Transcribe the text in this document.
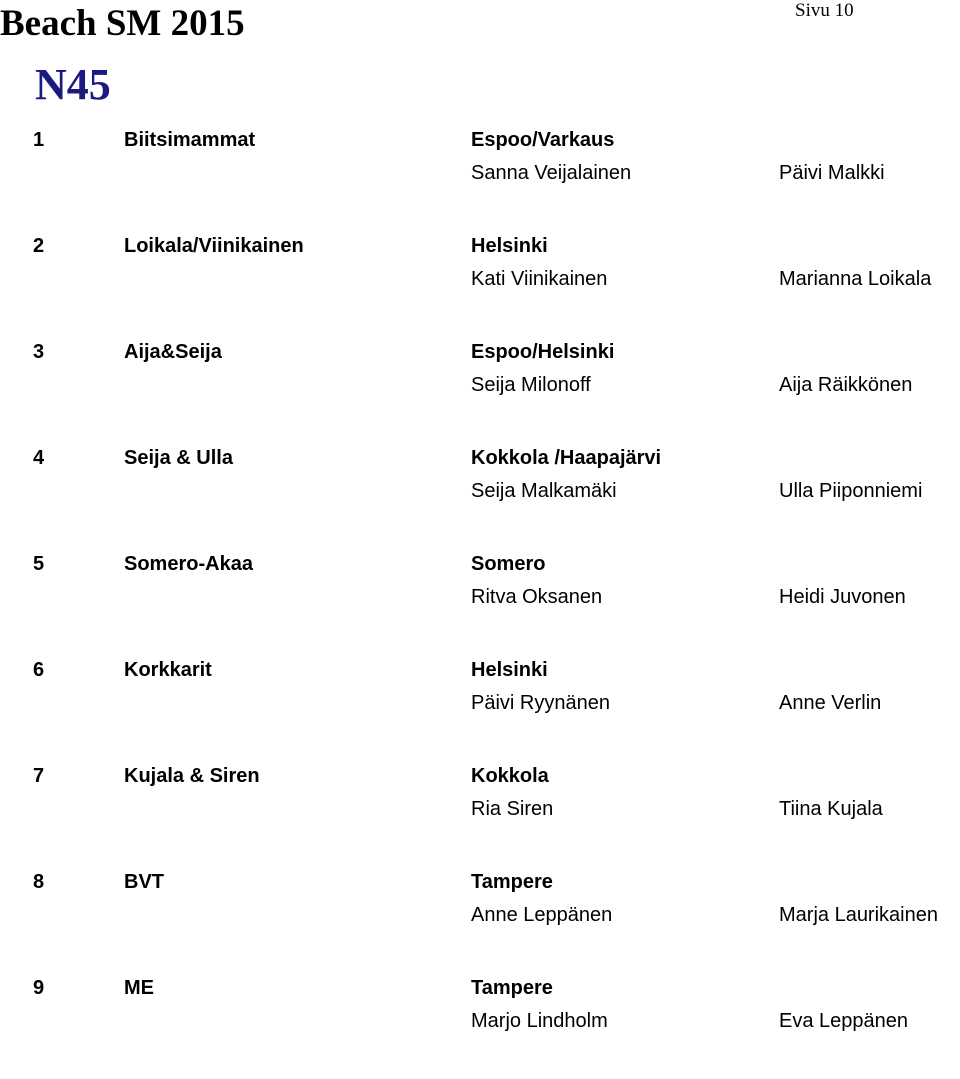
Beach SM 2015	Sivu 10
N45
1	Biitsimammat	Espoo/Varkaus
Sanna Veijalainen	Päivi Malkki
2	Loikala/Viinikainen	Helsinki
Kati Viinikainen	Marianna Loikala
3	Aija&Seija	Espoo/Helsinki
Seija Milonoff	Aija Räikkönen
4	Seija & Ulla	Kokkola /Haapajärvi
Seija Malkamäki	Ulla Piiponniemi
5	Somero-Akaa	Somero
Ritva Oksanen	Heidi Juvonen
6	Korkkarit	Helsinki
Päivi Ryynänen	Anne Verlin
7	Kujala & Siren	Kokkola
Ria Siren	Tiina Kujala
8	BVT	Tampere
Anne Leppänen	Marja Laurikainen
9	ME	Tampere
Marjo Lindholm	Eva Leppänen
